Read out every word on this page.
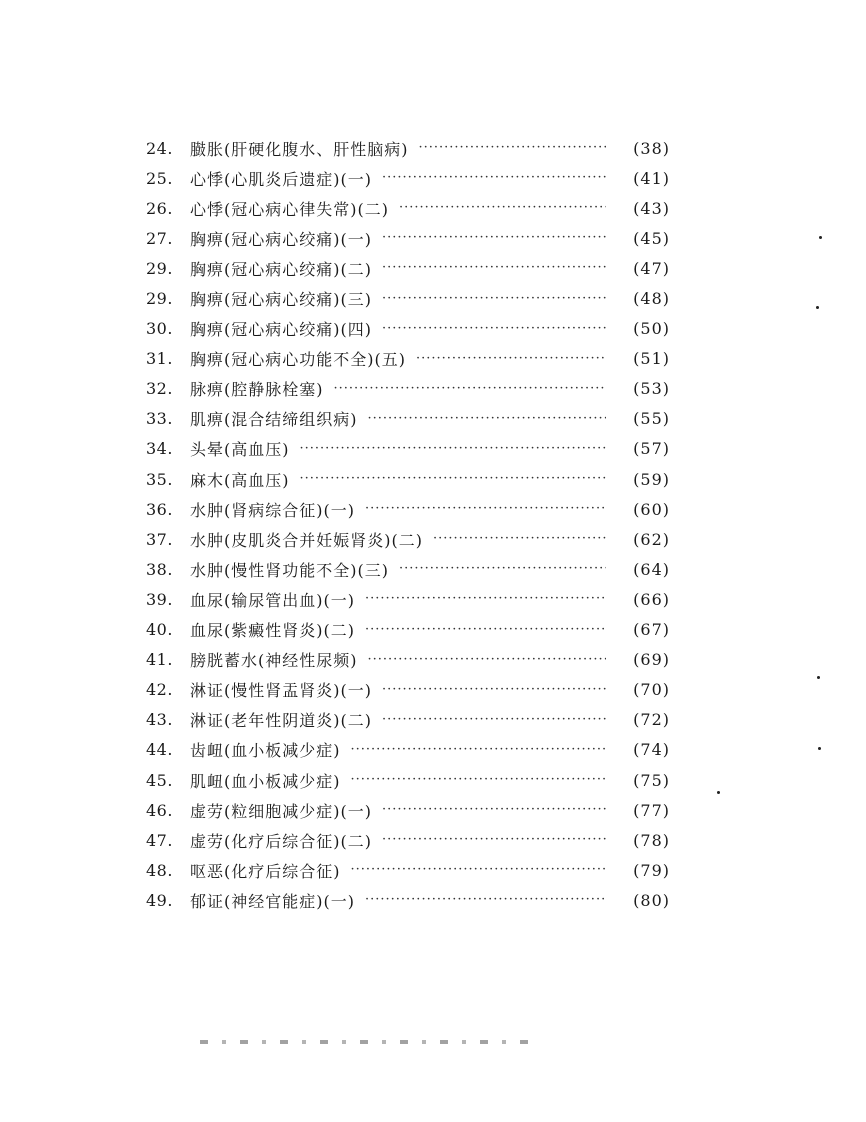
24.	臌胀(肝硬化腹水、肝性脑病) ·····	(38)
25.	心悸(心肌炎后遗症)(一) ·····	(41)
26.	心悸(冠心病心律失常)(二) ·····	(43)
27.	胸痹(冠心病心绞痛)(一) ·····	(45)
29.	胸痹(冠心病心绞痛)(二) ·····	(47)
29.	胸痹(冠心病心绞痛)(三) ·····	(48)
30.	胸痹(冠心病心绞痛)(四) ·····	(50)
31.	胸痹(冠心病心功能不全)(五) ·····	(51)
32.	脉痹(腔静脉栓塞) ·····	(53)
33.	肌痹(混合结缔组织病) ·····	(55)
34.	头晕(高血压) ·····	(57)
35.	麻木(高血压) ·····	(59)
36.	水肿(肾病综合征)(一) ·····	(60)
37.	水肿(皮肌炎合并妊娠肾炎)(二) ·····	(62)
38.	水肿(慢性肾功能不全)(三) ·····	(64)
39.	血尿(输尿管出血)(一) ·····	(66)
40.	血尿(紫癜性肾炎)(二) ·····	(67)
41.	膀胱蓄水(神经性尿频) ·····	(69)
42.	淋证(慢性肾盂肾炎)(一) ·····	(70)
43.	淋证(老年性阴道炎)(二) ·····	(72)
44.	齿衄(血小板减少症) ·····	(74)
45.	肌衄(血小板减少症) ·····	(75)
46.	虚劳(粒细胞减少症)(一) ·····	(77)
47.	虚劳(化疗后综合征)(二) ·····	(78)
48.	呕恶(化疗后综合征) ·····	(79)
49.	郁证(神经官能症)(一) ·····	(80)
